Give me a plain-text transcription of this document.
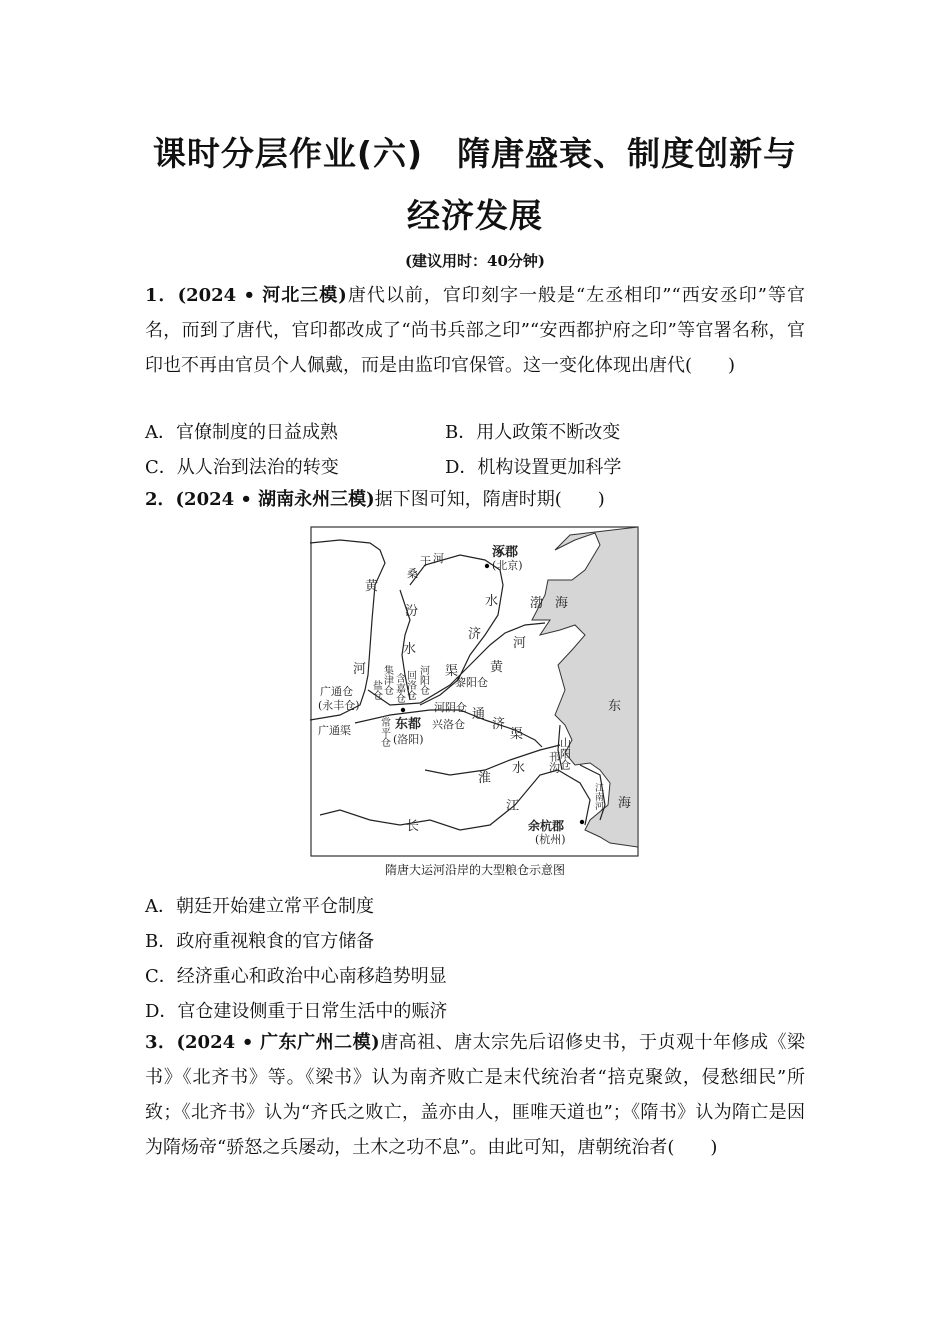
课时分层作业(六)　隋唐盛衰、制度创新与
经济发展
(建议用时：40分钟)
1．(2024 • 河北三模)唐代以前，官印刻字一般是“左丞相印”“西安丞印”等官名，而到了唐代，官印都改成了“尚书兵部之印”“安西都护府之印”等官署名称，官印也不再由官员个人佩戴，而是由监印官保管。这一变化体现出唐代(　　)
A．官僚制度的日益成熟	B．用人政策不断改变
C．从人治到法治的转变	D．机构设置更加科学
2．(2024 • 湖南永州三模)据下图可知，隋唐时期(　　)
涿郡
(北京)
桑
干 河
黄
汾
水
河
水
济
渠
渤 海
河
黄
东
海
黎阳仓
广通仓
(永丰仓)
广通渠	东都
(洛阳)
兴洛仓
河阴仓 通
济
渠
水
淮
江
长	余杭郡
(杭州)
山阳仓
邗沟
江南河
集津仓
盐仓 含嘉仓 回洛仓 河阳仓
常平仓
隋唐大运河沿岸的大型粮仓示意图
A．朝廷开始建立常平仓制度
B．政府重视粮食的官方储备
C．经济重心和政治中心南移趋势明显
D．官仓建设侧重于日常生活中的赈济
3．(2024 • 广东广州二模)唐高祖、唐太宗先后诏修史书，于贞观十年修成《梁书》《北齐书》等。《梁书》认为南齐败亡是末代统治者“掊克聚敛，侵愁细民”所致；《北齐书》认为“齐氏之败亡，盖亦由人，匪唯天道也”；《隋书》认为隋亡是因为隋炀帝“骄怒之兵屡动，土木之功不息”。由此可知，唐朝统治者(　　)
